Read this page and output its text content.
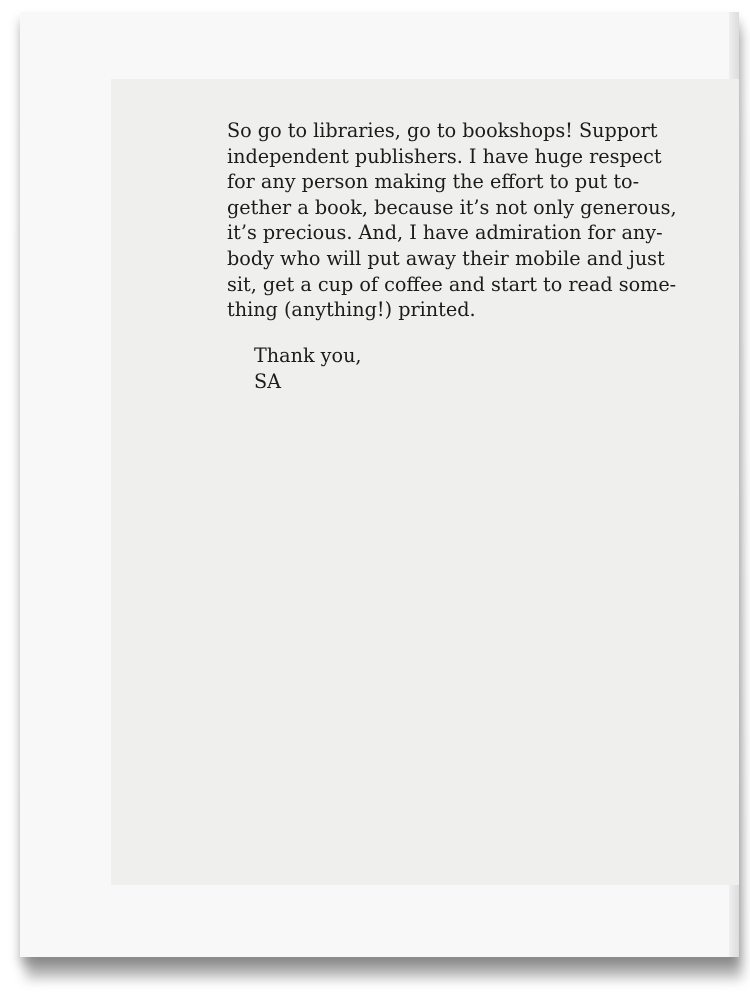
So go to libraries, go to bookshops! Support
independent publishers. I have huge respect
for any person making the effort to put to-
gether a book, because it’s not only generous,
it’s precious. And, I have admiration for any-
body who will put away their mobile and just
sit, get a cup of coffee and start to read some-
thing (anything!) printed.

Thank you,
SA
